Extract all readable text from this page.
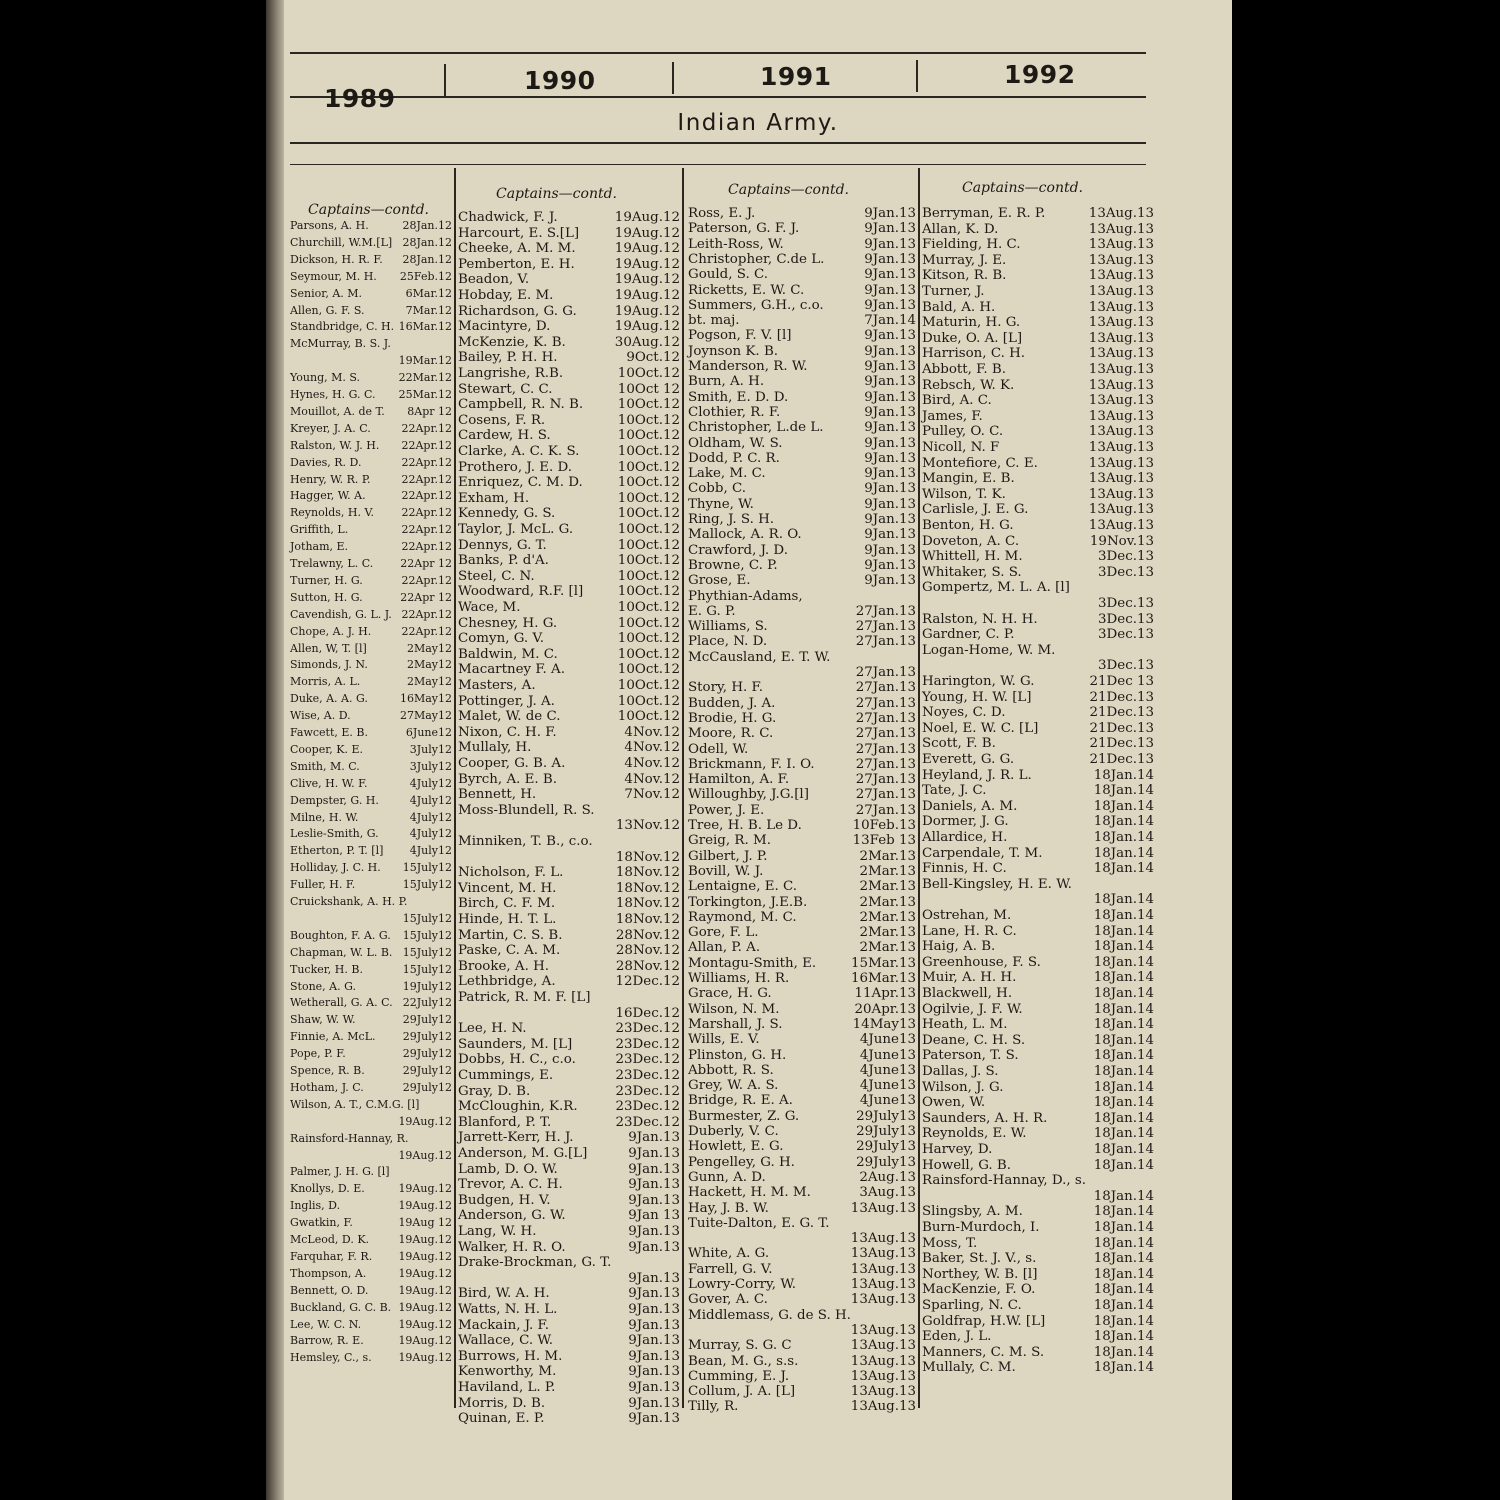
1989
1990	1991	1992
Indian Army.
Captains—contd.
Parsons, A. H.	28Jan.12
Churchill, W.M.[L] 28Jan.12
Dickson, H. R. F. 28Jan.12
Seymour, M. H. 25Feb.12
Senior, A. M.	6Mar.12
Allen, G. F. S.	7Mar.12
Standbridge, C. H. 16Mar.12
McMurray, B. S. J.
19Mar.12
Young, M. S.	22Mar.12
Hynes, H. G. C. 25Mar.12
Mouillot, A. de T. 8Apr 12
Kreyer, J. A. C.	22Apr.12
Ralston, W. J. H. 22Apr.12
Davies, R. D.	22Apr.12
Henry, W. R. P.	22Apr.12
Hagger, W. A.	22Apr.12
Reynolds, H. V. 22Apr.12
Griffith, L.	22Apr.12
Jotham, E.	22Apr.12
Trelawny, L. C. 22Apr 12
Turner, H. G.	22Apr.12
Sutton, H. G.	22Apr 12
Cavendish, G. L. J. 22Apr.12
Chope, A. J. H.	22Apr.12
Allen, W, T. [l]	2May12
Simonds, J. N.	2May12
Morris, A. L.	2May12
Duke, A. A. G.	16May12
Wise, A. D.	27May12
Fawcett, E. B.	6June12
Cooper, K. E.	3July12
Smith, M. C.	3July12
Clive, H. W. F.	4July12
Dempster, G. H.	4July12
Milne, H. W.	4July12
Leslie-Smith, G.	4July12
Etherton, P. T. [l] 4July12
Holliday, J. C. H. 15July12
Fuller, H. F.	15July12
Cruickshank, A. H. P.
15July12
Boughton, F. A. G. 15July12
Chapman, W. L. B. 15July12
Tucker, H. B.	15July12
Stone, A. G.	19July12
Wetherall, G. A. C. 22July12
Shaw, W. W.	29July12
Finnie, A. McL. 29July12
Pope, P. F.	29July12
Spence, R. B.	29July12
Hotham, J. C.	29July12
Wilson, A. T., C.M.G. [l]
19Aug.12
Rainsford-Hannay, R.
19Aug.12
Palmer, J. H. G. [l]
Knollys, D. E.	19Aug.12
Inglis, D.	19Aug.12
Gwatkin, F.	19Aug 12
McLeod, D. K.	19Aug.12
Farquhar, F. R. 19Aug.12
Thompson, A.	19Aug.12
Bennett, O. D.	19Aug.12
Buckland, G. C. B. 19Aug.12
Lee, W. C. N.	19Aug.12
Barrow, R. E.	19Aug.12
Hemsley, C., s. 19Aug.12
Captains—contd.
Chadwick, F. J.	19Aug.12
Harcourt, E. S.[L]	19Aug.12
Cheeke, A. M. M.	19Aug.12
Pemberton, E. H.	19Aug.12
Beadon, V.	19Aug.12
Hobday, E. M.	19Aug.12
Richardson, G. G.	19Aug.12
Macintyre, D.	19Aug.12
McKenzie, K. B.	30Aug.12
Bailey, P. H. H.	9Oct.12
Langrishe, R.B.	10Oct.12
Stewart, C. C.	10Oct 12
Campbell, R. N. B.	10Oct.12
Cosens, F. R.	10Oct.12
Cardew, H. S.	10Oct.12
Clarke, A. C. K. S.	10Oct.12
Prothero, J. E. D.	10Oct.12
Enriquez, C. M. D.	10Oct.12
Exham, H.	10Oct.12
Kennedy, G. S.	10Oct.12
Taylor, J. McL. G.	10Oct.12
Dennys, G. T.	10Oct.12
Banks, P. d'A.	10Oct.12
Steel, C. N.	10Oct.12
Woodward, R.F. [l]	10Oct.12
Wace, M.	10Oct.12
Chesney, H. G.	10Oct.12
Comyn, G. V.	10Oct.12
Baldwin, M. C.	10Oct.12
Macartney F. A.	10Oct.12
Masters, A.	10Oct.12
Pottinger, J. A.	10Oct.12
Malet, W. de C.	10Oct.12
Nixon, C. H. F.	4Nov.12
Mullaly, H.	4Nov.12
Cooper, G. B. A.	4Nov.12
Byrch, A. E. B.	4Nov.12
Bennett, H.	7Nov.12
Moss-Blundell, R. S.
13Nov.12
Minniken, T. B., c.o.
18Nov.12
Nicholson, F. L.	18Nov.12
Vincent, M. H.	18Nov.12
Birch, C. F. M.	18Nov.12
Hinde, H. T. L.	18Nov.12
Martin, C. S. B.	28Nov.12
Paske, C. A. M.	28Nov.12
Brooke, A. H.	28Nov.12
Lethbridge, A.	12Dec.12
Patrick, R. M. F. [L]
16Dec.12
Lee, H. N.	23Dec.12
Saunders, M. [L]	23Dec.12
Dobbs, H. C., c.o.	23Dec.12
Cummings, E.	23Dec.12
Gray, D. B.	23Dec.12
McCloughin, K.R.	23Dec.12
Blanford, P. T.	23Dec.12
Jarrett-Kerr, H. J.	9Jan.13
Anderson, M. G.[L]	9Jan.13
Lamb, D. O. W.	9Jan.13
Trevor, A. C. H.	9Jan.13
Budgen, H. V.	9Jan.13
Anderson, G. W.	9Jan 13
Lang, W. H.	9Jan.13
Walker, H. R. O.	9Jan.13
Drake-Brockman, G. T.
9Jan.13
Bird, W. A. H.	9Jan.13
Watts, N. H. L.	9Jan.13
Mackain, J. F.	9Jan.13
Wallace, C. W.	9Jan.13
Burrows, H. M.	9Jan.13
Kenworthy, M.	9Jan.13
Haviland, L. P.	9Jan.13
Morris, D. B.	9Jan.13
Quinan, E. P.	9Jan.13
Captains—contd.
Ross, E. J.	9Jan.13
Paterson, G. F. J.	9Jan.13
Leith-Ross, W.	9Jan.13
Christopher, C.de L.	9Jan.13
Gould, S. C.	9Jan.13
Ricketts, E. W. C.	9Jan.13
Summers, G.H., c.o.	9Jan.13
bt. maj.	7Jan.14
Pogson, F. V. [l]	9Jan.13
Joynson K. B.	9Jan.13
Manderson, R. W.	9Jan.13
Burn, A. H.	9Jan.13
Smith, E. D. D.	9Jan.13
Clothier, R. F.	9Jan.13
Christopher, L.de L.	9Jan.13
Oldham, W. S.	9Jan.13
Dodd, P. C. R.	9Jan.13
Lake, M. C.	9Jan.13
Cobb, C.	9Jan.13
Thyne, W.	9Jan.13
Ring, J. S. H.	9Jan.13
Mallock, A. R. O.	9Jan.13
Crawford, J. D.	9Jan.13
Browne, C. P.	9Jan.13
Grose, E.	9Jan.13
Phythian-Adams,
E. G. P.	27Jan.13
Williams, S.	27Jan.13
Place, N. D.	27Jan.13
McCausland, E. T. W.
27Jan.13
Story, H. F.	27Jan.13
Budden, J. A.	27Jan.13
Brodie, H. G.	27Jan.13
Moore, R. C.	27Jan.13
Odell, W.	27Jan.13
Brickmann, F. I. O.	27Jan.13
Hamilton, A. F.	27Jan.13
Willoughby, J.G.[l]	27Jan.13
Power, J. E.	27Jan.13
Tree, H. B. Le D.	10Feb.13
Greig, R. M.	13Feb 13
Gilbert, J. P.	2Mar.13
Bovill, W. J.	2Mar.13
Lentaigne, E. C.	2Mar.13
Torkington, J.E.B.	2Mar.13
Raymond, M. C.	2Mar.13
Gore, F. L.	2Mar.13
Allan, P. A.	2Mar.13
Montagu-Smith, E.	15Mar.13
Williams, H. R.	16Mar.13
Grace, H. G.	11Apr.13
Wilson, N. M.	20Apr.13
Marshall, J. S.	14May13
Wills, E. V.	4June13
Plinston, G. H.	4June13
Abbott, R. S.	4June13
Grey, W. A. S.	4June13
Bridge, R. E. A.	4June13
Burmester, Z. G.	29July13
Duberly, V. C.	29July13
Howlett, E. G.	29July13
Pengelley, G. H.	29July13
Gunn, A. D.	2Aug.13
Hackett, H. M. M.	3Aug.13
Hay, J. B. W.	13Aug.13
Tuite-Dalton, E. G. T.
13Aug.13
White, A. G.	13Aug.13
Farrell, G. V.	13Aug.13
Lowry-Corry, W.	13Aug.13
Gover, A. C.	13Aug.13
Middlemass, G. de S. H.
13Aug.13
Murray, S. G. C	13Aug.13
Bean, M. G., s.s.	13Aug.13
Cumming, E. J.	13Aug.13
Collum, J. A. [L]	13Aug.13
Tilly, R.	13Aug.13
Captains—contd.
Berryman, E. R. P.	13Aug.13
Allan, K. D.	13Aug.13
Fielding, H. C.	13Aug.13
Murray, J. E.	13Aug.13
Kitson, R. B.	13Aug.13
Turner, J.	13Aug.13
Bald, A. H.	13Aug.13
Maturin, H. G.	13Aug.13
Duke, O. A. [L]	13Aug.13
Harrison, C. H.	13Aug.13
Abbott, F. B.	13Aug.13
Rebsch, W. K.	13Aug.13
Bird, A. C.	13Aug.13
James, F.	13Aug.13
Pulley, O. C.	13Aug.13
Nicoll, N. F	13Aug.13
Montefiore, C. E.	13Aug.13
Mangin, E. B.	13Aug.13
Wilson, T. K.	13Aug.13
Carlisle, J. E. G.	13Aug.13
Benton, H. G.	13Aug.13
Doveton, A. C.	19Nov.13
Whittell, H. M.	3Dec.13
Whitaker, S. S.	3Dec.13
Gompertz, M. L. A. [l]
3Dec.13
Ralston, N. H. H.	3Dec.13
Gardner, C. P.	3Dec.13
Logan-Home, W. M.
3Dec.13
Harington, W. G.	21Dec 13
Young, H. W. [L]	21Dec.13
Noyes, C. D.	21Dec.13
Noel, E. W. C. [L]	21Dec.13
Scott, F. B.	21Dec.13
Everett, G. G.	21Dec.13
Heyland, J. R. L.	18Jan.14
Tate, J. C.	18Jan.14
Daniels, A. M.	18Jan.14
Dormer, J. G.	18Jan.14
Allardice, H.	18Jan.14
Carpendale, T. M.	18Jan.14
Finnis, H. C.	18Jan.14
Bell-Kingsley, H. E. W.
18Jan.14
Ostrehan, M.	18Jan.14
Lane, H. R. C.	18Jan.14
Haig, A. B.	18Jan.14
Greenhouse, F. S.	18Jan.14
Muir, A. H. H.	18Jan.14
Blackwell, H.	18Jan.14
Ogilvie, J. F. W.	18Jan.14
Heath, L. M.	18Jan.14
Deane, C. H. S.	18Jan.14
Paterson, T. S.	18Jan.14
Dallas, J. S.	18Jan.14
Wilson, J. G.	18Jan.14
Owen, W.	18Jan.14
Saunders, A. H. R.	18Jan.14
Reynolds, E. W.	18Jan.14
Harvey, D.	18Jan.14
Howell, G. B.	18Jan.14
Rainsford-Hannay, D., s.
18Jan.14
Slingsby, A. M.	18Jan.14
Burn-Murdoch, I.	18Jan.14
Moss, T.	18Jan.14
Baker, St. J. V., s.	18Jan.14
Northey, W. B. [l]	18Jan.14
MacKenzie, F. O.	18Jan.14
Sparling, N. C.	18Jan.14
Goldfrap, H.W. [L]	18Jan.14
Eden, J. L.	18Jan.14
Manners, C. M. S.	18Jan.14
Mullaly, C. M.	18Jan.14
